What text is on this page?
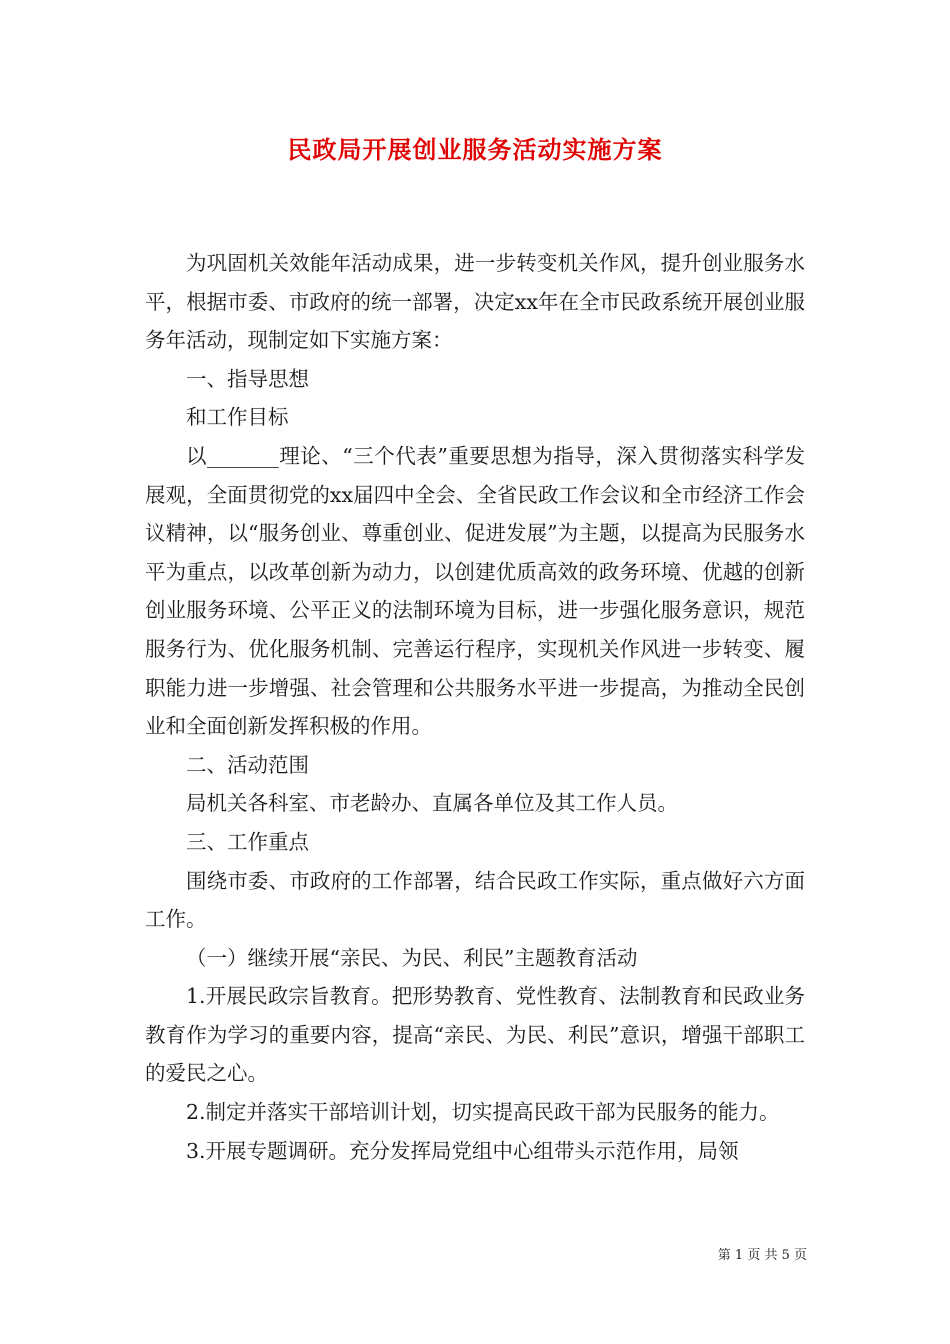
民政局开展创业服务活动实施方案

为巩固机关效能年活动成果，进一步转变机关作风，提升创业服务水平，根据市委、市政府的统一部署，决定xx年在全市民政系统开展创业服务年活动，现制定如下实施方案：

一、指导思想

和工作目标

以_______理论、“三个代表”重要思想为指导，深入贯彻落实科学发展观，全面贯彻党的xx届四中全会、全省民政工作会议和全市经济工作会议精神，以“服务创业、尊重创业、促进发展”为主题，以提高为民服务水平为重点，以改革创新为动力，以创建优质高效的政务环境、优越的创新创业服务环境、公平正义的法制环境为目标，进一步强化服务意识，规范服务行为、优化服务机制、完善运行程序，实现机关作风进一步转变、履职能力进一步增强、社会管理和公共服务水平进一步提高，为推动全民创业和全面创新发挥积极的作用。

二、活动范围

局机关各科室、市老龄办、直属各单位及其工作人员。

三、工作重点

围绕市委、市政府的工作部署，结合民政工作实际，重点做好六方面工作。

（一）继续开展“亲民、为民、利民”主题教育活动

1.开展民政宗旨教育。把形势教育、党性教育、法制教育和民政业务教育作为学习的重要内容，提高“亲民、为民、利民”意识，增强干部职工的爱民之心。

2.制定并落实干部培训计划，切实提高民政干部为民服务的能力。

3.开展专题调研。充分发挥局党组中心组带头示范作用，局领

第 1 页 共 5 页
